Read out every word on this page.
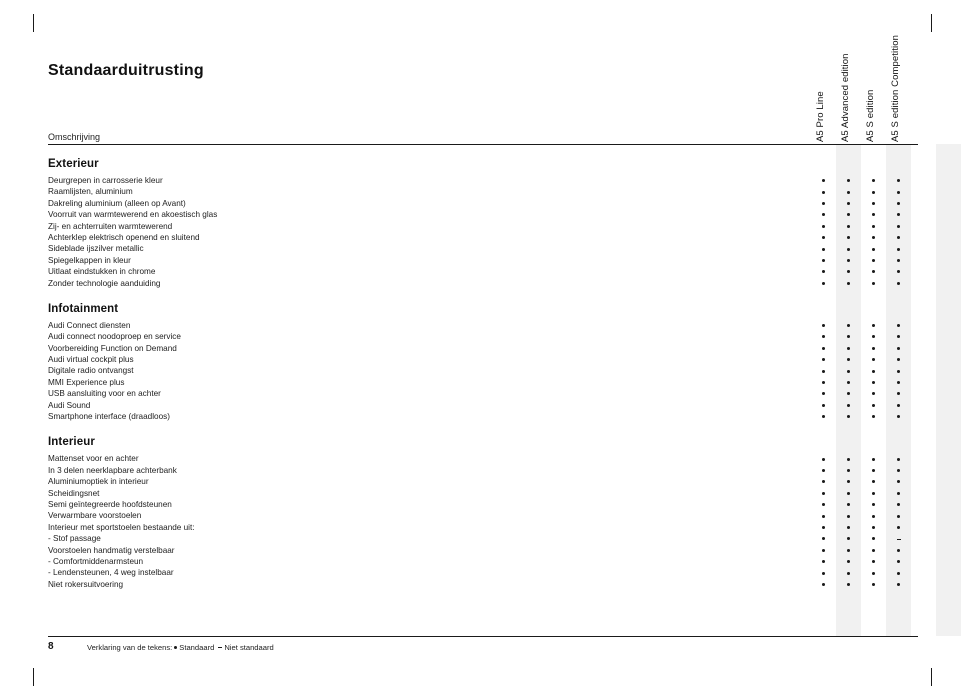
Standaarduitrusting
A5 Pro Line A5 Advanced edition A5 S edition A5 S edition Competition
Omschrijving
Exterieur
Deurgrepen in carrosserie kleur
Raamlijsten, aluminium
Dakreling aluminium (alleen op Avant)
Voorruit van warmtewerend en akoestisch glas
Zij- en achterruiten warmtewerend
Achterklep elektrisch openend en sluitend
Sideblade ijszilver metallic
Spiegelkappen in kleur
Uitlaat eindstukken in chrome
Zonder technologie aanduiding
Infotainment
Audi Connect diensten
Audi connect noodoproep en service
Voorbereiding Function on Demand
Audi virtual cockpit plus
Digitale radio ontvangst
MMI Experience plus
USB aansluiting voor en achter
Audi Sound
Smartphone interface (draadloos)
Interieur
Mattenset voor en achter
In 3 delen neerklapbare achterbank
Aluminiumoptiek in interieur
Scheidingsnet
Semi geïntegreerde hoofdsteunen
Verwarmbare voorstoelen
Interieur met sportstoelen bestaande uit:
- Stof passage
Voorstoelen handmatig verstelbaar
- Comfortmiddenarmsteun
- Lendensteunen, 4 weg instelbaar
Niet rokersuitvoering
8	Verklaring van de tekens: Standaard Niet standaard
